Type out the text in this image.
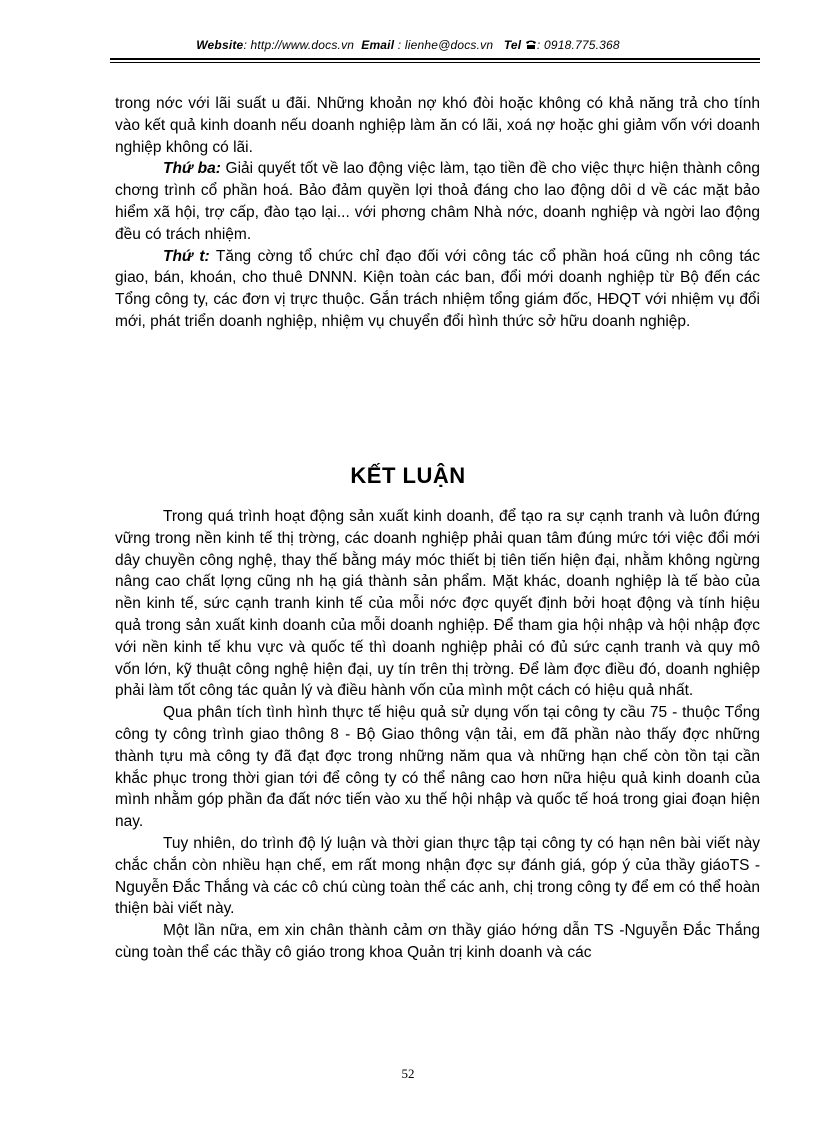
Website: http://www.docs.vn Email : lienhe@docs.vn Tel : 0918.775.368

trong nớc với lãi suất u đãi. Những khoản nợ khó đòi hoặc không có khả năng trả cho tính vào kết quả kinh doanh nếu doanh nghiệp làm ăn có lãi, xoá nợ hoặc ghi giảm vốn với doanh nghiệp không có lãi.

Thứ ba: Giải quyết tốt về lao động việc làm, tạo tiền đề cho việc thực hiện thành công chơng trình cổ phần hoá. Bảo đảm quyền lợi thoả đáng cho lao động dôi d về các mặt bảo hiểm xã hội, trợ cấp, đào tạo lại... với phơng châm Nhà nớc, doanh nghiệp và ngời lao động đều có trách nhiệm.

Thứ t: Tăng cờng tổ chức chỉ đạo đối với công tác cổ phần hoá cũng nh công tác giao, bán, khoán, cho thuê DNNN. Kiện toàn các ban, đổi mới doanh nghiệp từ Bộ đến các Tổng công ty, các đơn vị trực thuộc. Gắn trách nhiệm tổng giám đốc, HĐQT với nhiệm vụ đổi mới, phát triển doanh nghiệp, nhiệm vụ chuyển đổi hình thức sở hữu doanh nghiệp.

KẾT LUẬN

Trong quá trình hoạt động sản xuất kinh doanh, để tạo ra sự cạnh tranh và luôn đứng vững trong nền kinh tế thị trờng, các doanh nghiệp phải quan tâm đúng mức tới việc đổi mới dây chuyền công nghệ, thay thế bằng máy móc thiết bị tiên tiến hiện đại, nhằm không ngừng nâng cao chất lợng cũng nh hạ giá thành sản phẩm. Mặt khác, doanh nghiệp là tế bào của nền kinh tế, sức cạnh tranh kinh tế của mỗi nớc đợc quyết định bởi hoạt động và tính hiệu quả trong sản xuất kinh doanh của mỗi doanh nghiệp. Để tham gia hội nhập và hội nhập đợc với nền kinh tế khu vực và quốc tế thì doanh nghiệp phải có đủ sức cạnh tranh và quy mô vốn lớn, kỹ thuật công nghệ hiện đại, uy tín trên thị trờng. Để làm đợc điều đó, doanh nghiệp phải làm tốt công tác quản lý và điều hành vốn của mình một cách có hiệu quả nhất.

Qua phân tích tình hình thực tế hiệu quả sử dụng vốn tại công ty cầu 75 - thuộc Tổng công ty công trình giao thông 8 - Bộ Giao thông vận tải, em đã phần nào thấy đợc những thành tựu mà công ty đã đạt đợc trong những năm qua và những hạn chế còn tồn tại cần khắc phục trong thời gian tới để công ty có thể nâng cao hơn nữa hiệu quả kinh doanh của mình nhằm góp phần đa đất nớc tiến vào xu thế hội nhập và quốc tế hoá trong giai đoạn hiện nay.

Tuy nhiên, do trình độ lý luận và thời gian thực tập tại công ty có hạn nên bài viết này chắc chắn còn nhiều hạn chế, em rất mong nhận đợc sự đánh giá, góp ý của thầy giáoTS - Nguyễn Đắc Thắng và các cô chú cùng toàn thể các anh, chị trong công ty để em có thể hoàn thiện bài viết này.

Một lần nữa, em xin chân thành cảm ơn thầy giáo hớng dẫn TS -Nguyễn Đắc Thắng cùng toàn thể các thầy cô giáo trong khoa Quản trị kinh doanh và các

52
